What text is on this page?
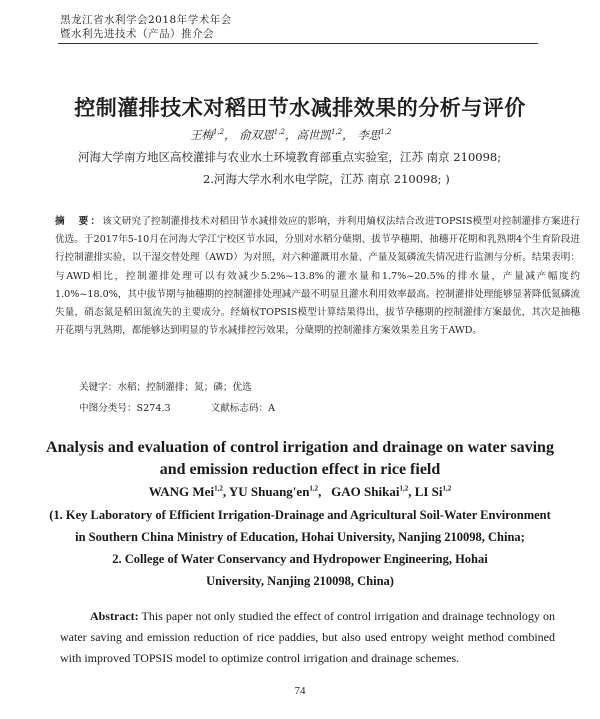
黑龙江省水利学会2018年学术年会
暨水利先进技术（产品）推介会
控制灌排技术对稻田节水减排效果的分析与评价
王梅$^{1,2}$， 俞双恩$^{1,2}$，高世凯$^{1,2}$， 李思$^{1,2}$
河海大学南方地区高校灌排与农业水土环境教育部重点实验室，江苏 南京 210098;
2.河海大学水利水电学院，江苏 南京 210098; )
摘　要：该文研究了控制灌排技术对稻田节水减排效应的影响，并利用熵权法结合改进TOPSIS模型对控制灌排方案进行优选。于2017年5-10月在河海大学江宁校区节水园，分别对水稻分蘖期、拔节孕穗期、抽穗开花期和乳熟期4个生育阶段进行控制灌排实验，以干湿交替处理（AWD）为对照，对六种灌溉用水量、产量及氮磷流失情况进行监测与分析。结果表明：与AWD相比，控制灌排处理可以有效减少5.2%~13.8%的灌水量和1.7%~20.5%的排水量，产量减产幅度约1.0%~18.0%，其中拔节期与抽穗期的控制灌排处理减产最不明显且灌水利用效率最高。控制灌排处理能够显著降低氮磷流失量，硝态氮是稻田氮流失的主要成分。经熵权TOPSIS模型计算结果得出，拔节孕穗期的控制灌排方案最优，其次是抽穗开花期与乳熟期，都能够达到明显的节水减排控污效果，分蘖期的控制灌排方案效果差且劣于AWD。
关键字：水稻；控制灌排；氮；磷；优选
中图分类号：S274.3	文献标志码：A
Analysis and evaluation of control irrigation and drainage on water saving
and emission reduction effect in rice field
WANG Mei$^{1,2}$, YU Shuang'en$^{1,2}$,   GAO Shikai$^{1,2}$, LI Si$^{1,2}$
(1. Key Laboratory of Efficient Irrigation-Drainage and Agricultural Soil-Water Environment
in Southern China Ministry of Education, Hohai University, Nanjing 210098, China;
2. College of Water Conservancy and Hydropower Engineering, Hohai
University, Nanjing 210098, China)
Abstract: This paper not only studied the effect of control irrigation and drainage technology on water saving and emission reduction of rice paddies, but also used entropy weight method combined with improved TOPSIS model to optimize control irrigation and drainage schemes.
74
